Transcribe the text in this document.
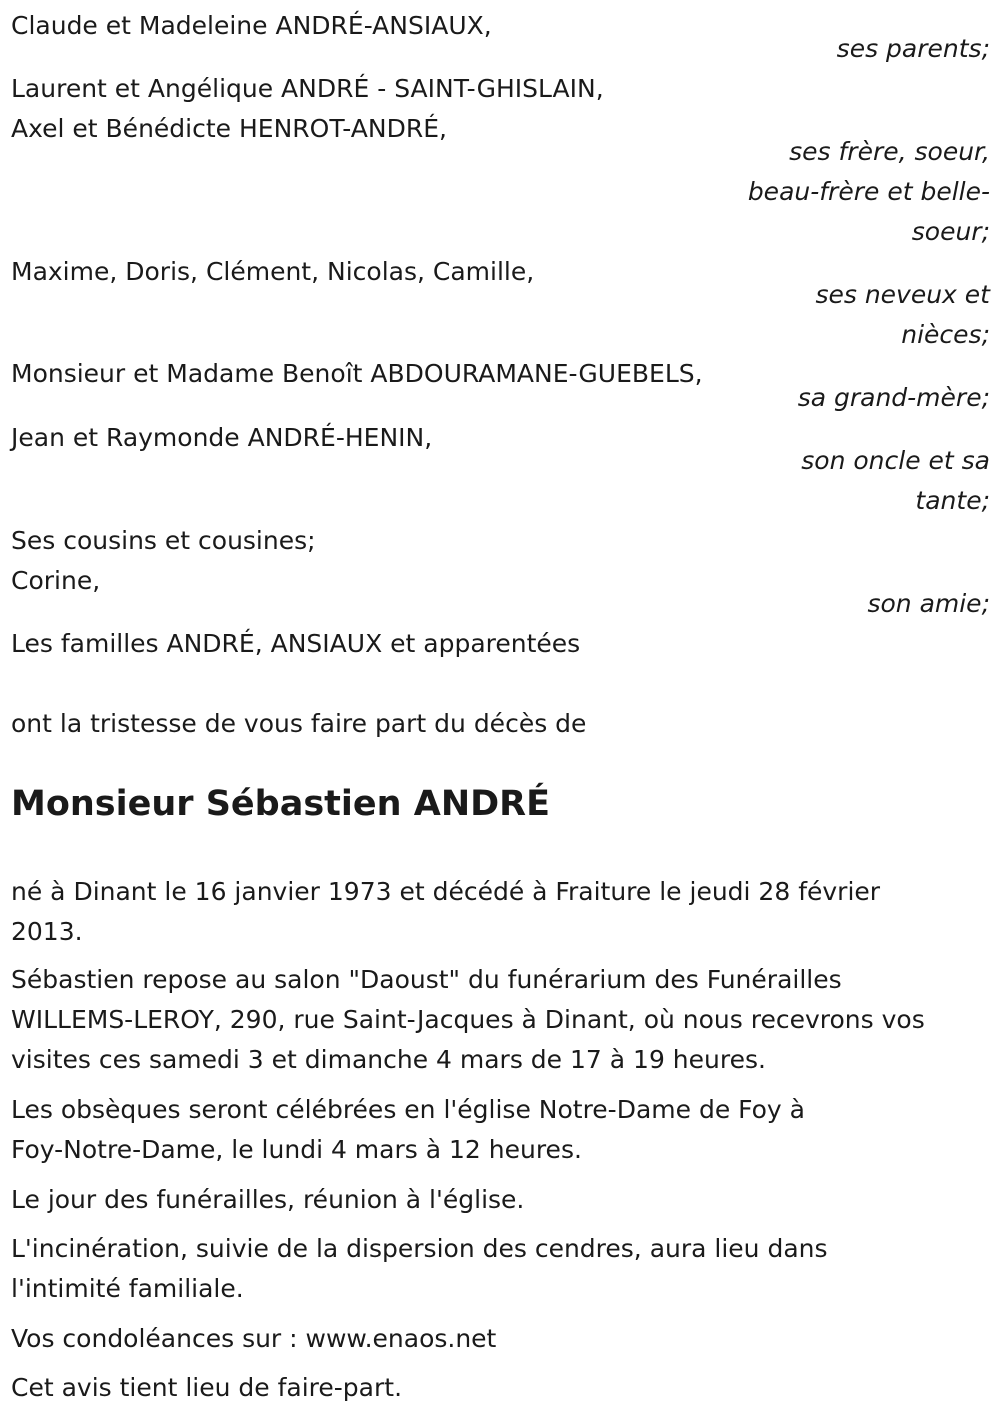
Claude et Madeleine ANDRÉ-ANSIAUX,
ses parents;
Laurent et Angélique ANDRÉ - SAINT-GHISLAIN,
Axel et Bénédicte HENROT-ANDRÉ,
ses frère, soeur,
beau-frère et belle-
soeur;
Maxime, Doris, Clément, Nicolas, Camille,
ses neveux et
nièces;
Monsieur et Madame Benoît ABDOURAMANE-GUEBELS,
sa grand-mère;
Jean et Raymonde ANDRÉ-HENIN,
son oncle et sa
tante;
Ses cousins et cousines;
Corine,
son amie;
Les familles ANDRÉ, ANSIAUX et apparentées
ont la tristesse de vous faire part du décès de
Monsieur Sébastien ANDRÉ
né à Dinant le 16 janvier 1973 et décédé à Fraiture le jeudi 28 février
2013.
Sébastien repose au salon "Daoust" du funérarium des Funérailles
WILLEMS-LEROY, 290, rue Saint-Jacques à Dinant, où nous recevrons vos
visites ces samedi 3 et dimanche 4 mars de 17 à 19 heures.
Les obsèques seront célébrées en l'église Notre-Dame de Foy à
Foy-Notre-Dame, le lundi 4 mars à 12 heures.
Le jour des funérailles, réunion à l'église.
L'incinération, suivie de la dispersion des cendres, aura lieu dans
l'intimité familiale.
Vos condoléances sur : www.enaos.net
Cet avis tient lieu de faire-part.
